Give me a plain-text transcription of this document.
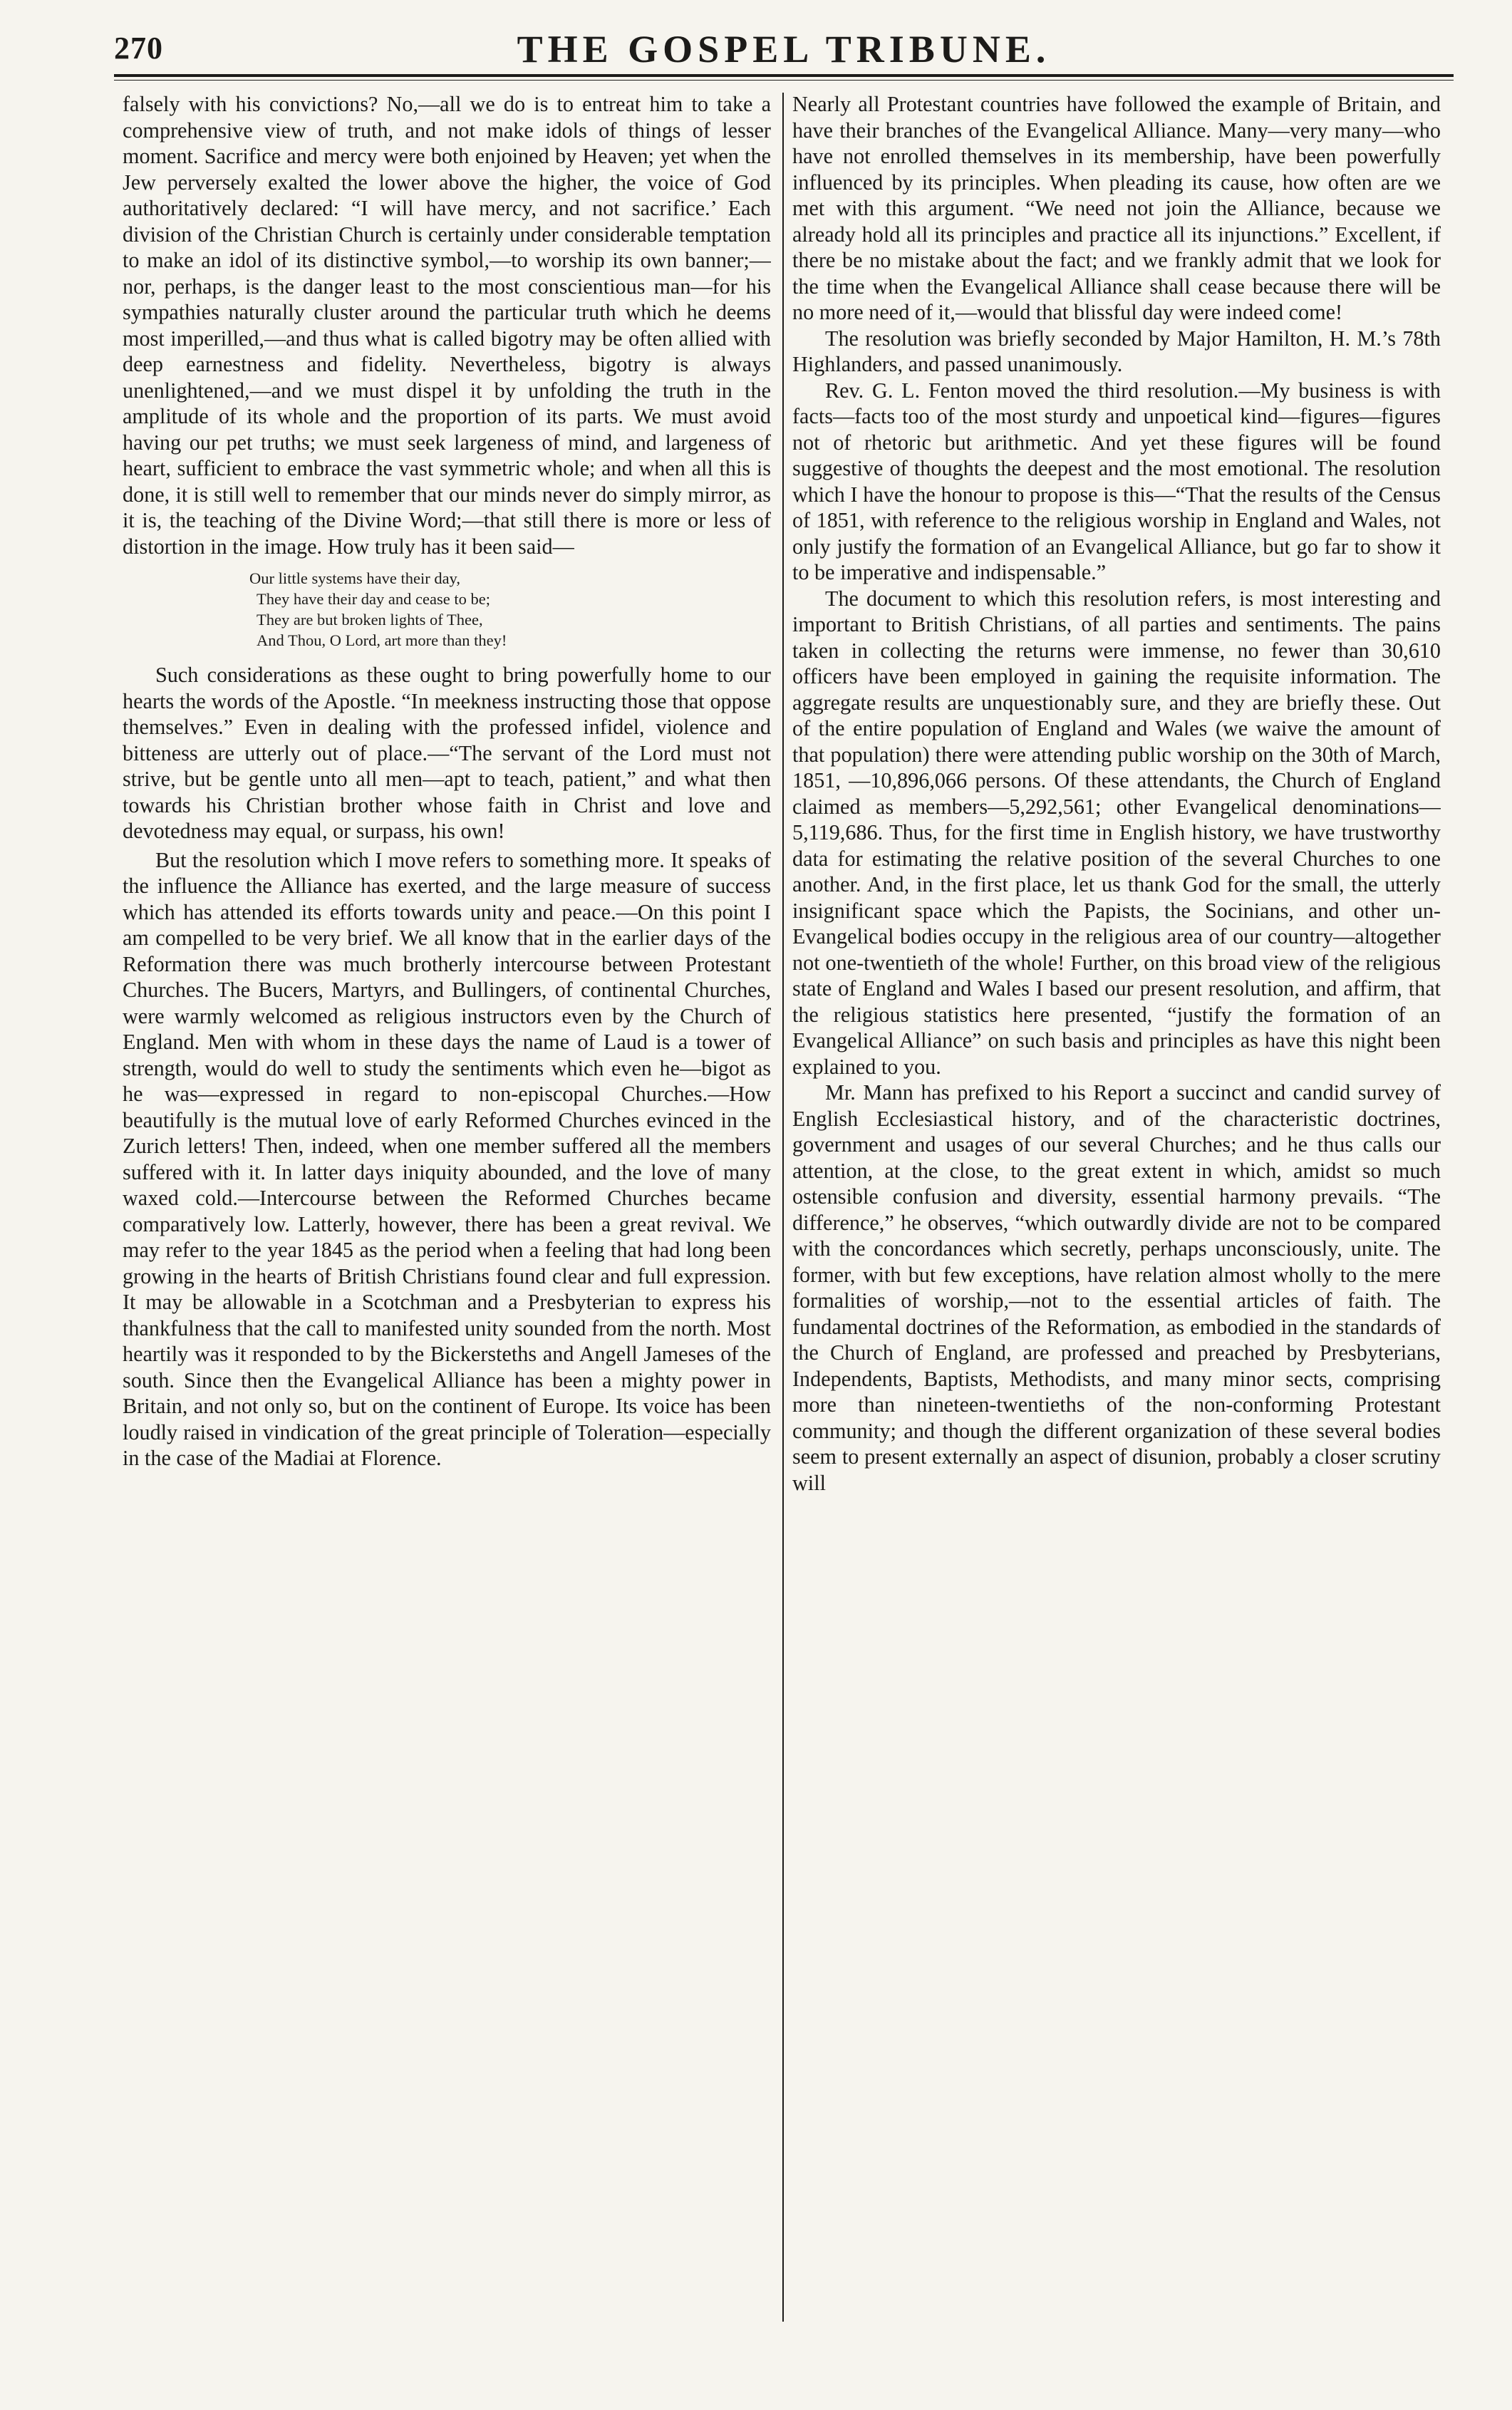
270	THE GOSPEL TRIBUNE.

falsely with his convictions? No,—all we do is to entreat him to take a comprehensive view of truth, and not make idols of things of lesser moment. Sacrifice and mercy were both enjoined by Heaven; yet when the Jew perversely exalted the lower above the higher, the voice of God authoritatively declared: “I will have mercy, and not sacrifice.’ Each division of the Christian Church is certainly under considerable temptation to make an idol of its distinctive symbol,—to worship its own banner;—nor, perhaps, is the danger least to the most conscientious man—for his sympathies naturally cluster around the particular truth which he deems most imperilled,—and thus what is called bigotry may be often allied with deep earnestness and fidelity. Nevertheless, bigotry is always unenlightened,—and we must dispel it by unfolding the truth in the amplitude of its whole and the proportion of its parts. We must avoid having our pet truths; we must seek largeness of mind, and largeness of heart, sufficient to embrace the vast symmetric whole; and when all this is done, it is still well to remember that our minds never do simply mirror, as it is, the teaching of the Divine Word;—that still there is more or less of distortion in the image. How truly has it been said—

Our little systems have their day,
They have their day and cease to be;
They are but broken lights of Thee,
And Thou, O Lord, art more than they!

Such considerations as these ought to bring powerfully home to our hearts the words of the Apostle. “In meekness instructing those that oppose themselves.” Even in dealing with the professed infidel, violence and bitteness are utterly out of place.—“The servant of the Lord must not strive, but be gentle unto all men—apt to teach, patient,” and what then towards his Christian brother whose faith in Christ and love and devotedness may equal, or surpass, his own!

But the resolution which I move refers to something more. It speaks of the influence the Alliance has exerted, and the large measure of success which has attended its efforts towards unity and peace.—On this point I am compelled to be very brief. We all know that in the earlier days of the Reformation there was much brotherly intercourse between Protestant Churches. The Bucers, Martyrs, and Bullingers, of continental Churches, were warmly welcomed as religious instructors even by the Church of England. Men with whom in these days the name of Laud is a tower of strength, would do well to study the sentiments which even he—bigot as he was—expressed in regard to non-episcopal Churches.—How beautifully is the mutual love of early Reformed Churches evinced in the Zurich letters! Then, indeed, when one member suffered all the members suffered with it. In latter days iniquity abounded, and the love of many waxed cold.—Intercourse between the Reformed Churches became comparatively low. Latterly, however, there has been a great revival. We may refer to the year 1845 as the period when a feeling that had long been growing in the hearts of British Christians found clear and full expression. It may be allowable in a Scotchman and a Presbyterian to express his thankfulness that the call to manifested unity sounded from the north. Most heartily was it responded to by the Bickersteths and Angell Jameses of the south. Since then the Evangelical Alliance has been a mighty power in Britain, and not only so, but on the continent of Europe. Its voice has been loudly raised in vindication of the great principle of Toleration—especially in the case of the Madiai at Florence.

Nearly all Protestant countries have followed the example of Britain, and have their branches of the Evangelical Alliance. Many—very many—who have not enrolled themselves in its membership, have been powerfully influenced by its principles. When pleading its cause, how often are we met with this argument. “We need not join the Alliance, because we already hold all its principles and practice all its injunctions.” Excellent, if there be no mistake about the fact; and we frankly admit that we look for the time when the Evangelical Alliance shall cease because there will be no more need of it,—would that blissful day were indeed come!

The resolution was briefly seconded by Major Hamilton, H. M.’s 78th Highlanders, and passed unanimously.

Rev. G. L. Fenton moved the third resolution.—My business is with facts—facts too of the most sturdy and unpoetical kind—figures—figures not of rhetoric but arithmetic. And yet these figures will be found suggestive of thoughts the deepest and the most emotional. The resolution which I have the honour to propose is this—“That the results of the Census of 1851, with reference to the religious worship in England and Wales, not only justify the formation of an Evangelical Alliance, but go far to show it to be imperative and indispensable.”

The document to which this resolution refers, is most interesting and important to British Christians, of all parties and sentiments. The pains taken in collecting the returns were immense, no fewer than 30,610 officers have been employed in gaining the requisite information. The aggregate results are unquestionably sure, and they are briefly these. Out of the entire population of England and Wales (we waive the amount of that population) there were attending public worship on the 30th of March, 1851, —10,896,066 persons. Of these attendants, the Church of England claimed as members—5,292,561; other Evangelical denominations—5,119,686. Thus, for the first time in English history, we have trustworthy data for estimating the relative position of the several Churches to one another. And, in the first place, let us thank God for the small, the utterly insignificant space which the Papists, the Socinians, and other un-Evangelical bodies occupy in the religious area of our country—altogether not one-twentieth of the whole! Further, on this broad view of the religious state of England and Wales I based our present resolution, and affirm, that the religious statistics here presented, “justify the formation of an Evangelical Alliance” on such basis and principles as have this night been explained to you.

Mr. Mann has prefixed to his Report a succinct and candid survey of English Ecclesiastical history, and of the characteristic doctrines, government and usages of our several Churches; and he thus calls our attention, at the close, to the great extent in which, amidst so much ostensible confusion and diversity, essential harmony prevails. “The difference,” he observes, “which outwardly divide are not to be compared with the concordances which secretly, perhaps unconsciously, unite. The former, with but few exceptions, have relation almost wholly to the mere formalities of worship,—not to the essential articles of faith. The fundamental doctrines of the Reformation, as embodied in the standards of the Church of England, are professed and preached by Presbyterians, Independents, Baptists, Methodists, and many minor sects, comprising more than nineteen-twentieths of the non-conforming Protestant community; and though the different organization of these several bodies seem to present externally an aspect of disunion, probably a closer scrutiny will
